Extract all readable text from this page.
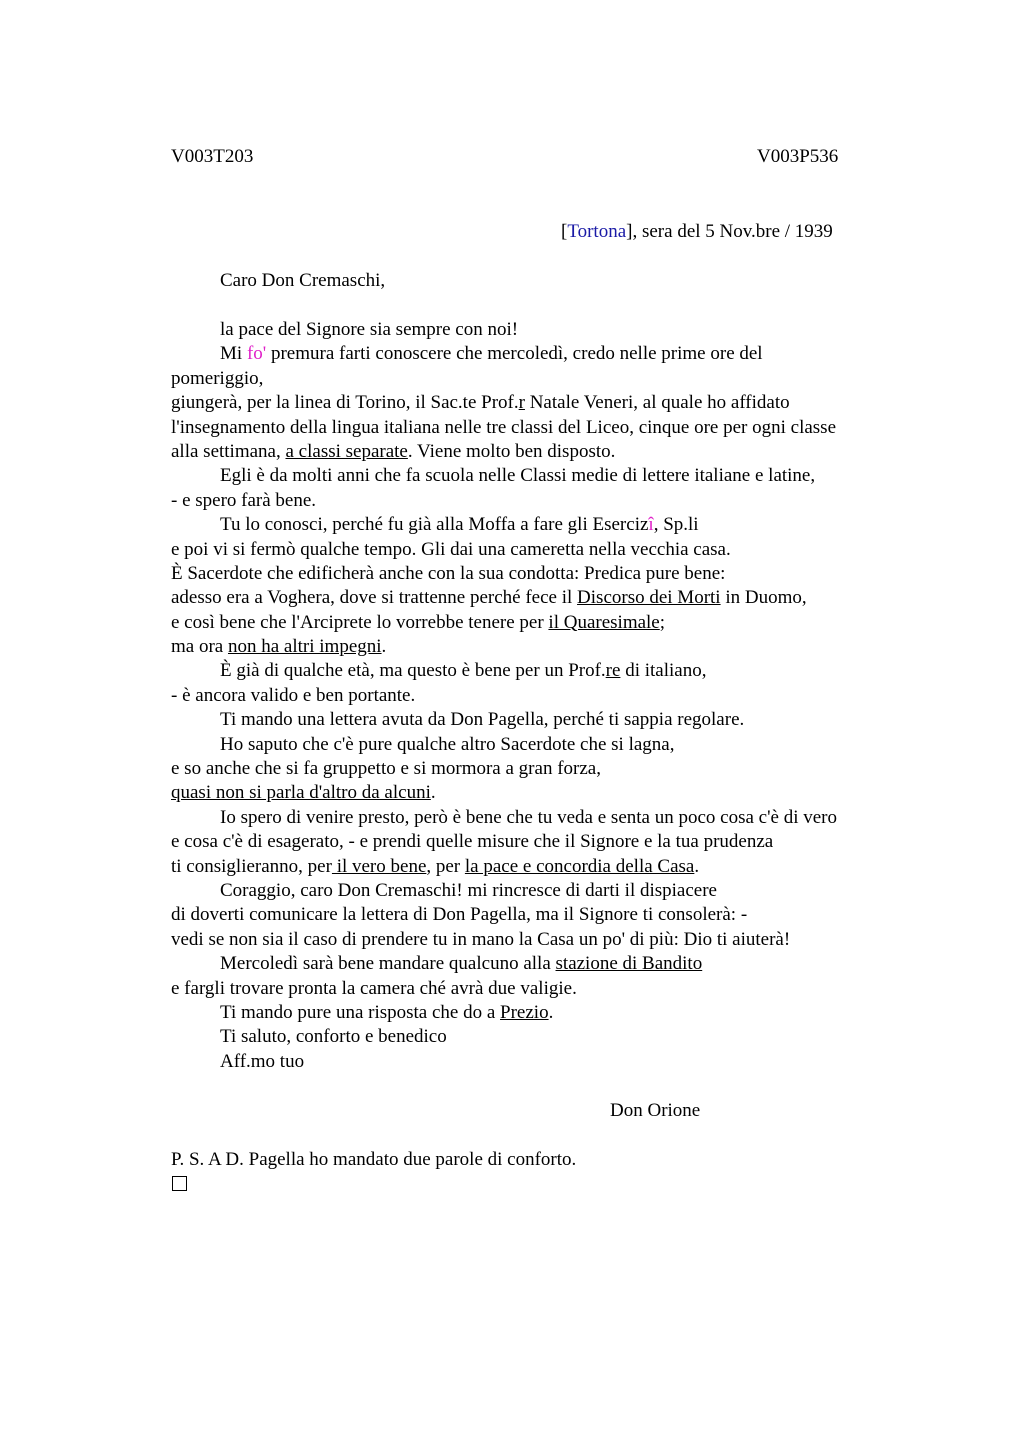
V003T203	V003P536
[Tortona], sera del 5 Nov.bre / 1939
Caro Don Cremaschi,
la pace del Signore sia sempre con noi!
Mi fo' premura farti conoscere che mercoledì, credo nelle prime ore del
pomeriggio,
giungerà, per la linea di Torino, il Sac.te Prof.r Natale Veneri, al quale ho affidato
l'insegnamento della lingua italiana nelle tre classi del Liceo, cinque ore per ogni classe
alla settimana, a classi separate. Viene molto ben disposto.
Egli è da molti anni che fa scuola nelle Classi medie di lettere italiane e latine,
- e spero farà bene.
Tu lo conosci, perché fu già alla Moffa a fare gli Esercizî, Sp.li
e poi vi si fermò qualche tempo. Gli dai una cameretta nella vecchia casa.
È Sacerdote che edificherà anche con la sua condotta: Predica pure bene:
adesso era a Voghera, dove si trattenne perché fece il Discorso dei Morti in Duomo,
e così bene che l'Arciprete lo vorrebbe tenere per il Quaresimale;
ma ora non ha altri impegni.
È già di qualche età, ma questo è bene per un Prof.re di italiano,
- è ancora valido e ben portante.
Ti mando una lettera avuta da Don Pagella, perché ti sappia regolare.
Ho saputo che c'è pure qualche altro Sacerdote che si lagna,
e so anche che si fa gruppetto e si mormora a gran forza,
quasi non si parla d'altro da alcuni.
Io spero di venire presto, però è bene che tu veda e senta un poco cosa c'è di vero
e cosa c'è di esagerato, - e prendi quelle misure che il Signore e la tua prudenza
ti consiglieranno, per il vero bene, per la pace e concordia della Casa.
Coraggio, caro Don Cremaschi! mi rincresce di darti il dispiacere
di doverti comunicare la lettera di Don Pagella, ma il Signore ti consolerà: -
vedi se non sia il caso di prendere tu in mano la Casa un po' di più: Dio ti aiuterà!
Mercoledì sarà bene mandare qualcuno alla stazione di Bandito
e fargli trovare pronta la camera ché avrà due valigie.
Ti mando pure una risposta che do a Prezio.
Ti saluto, conforto e benedico
Aff.mo tuo
Don Orione
P. S. A D. Pagella ho mandato due parole di conforto.
